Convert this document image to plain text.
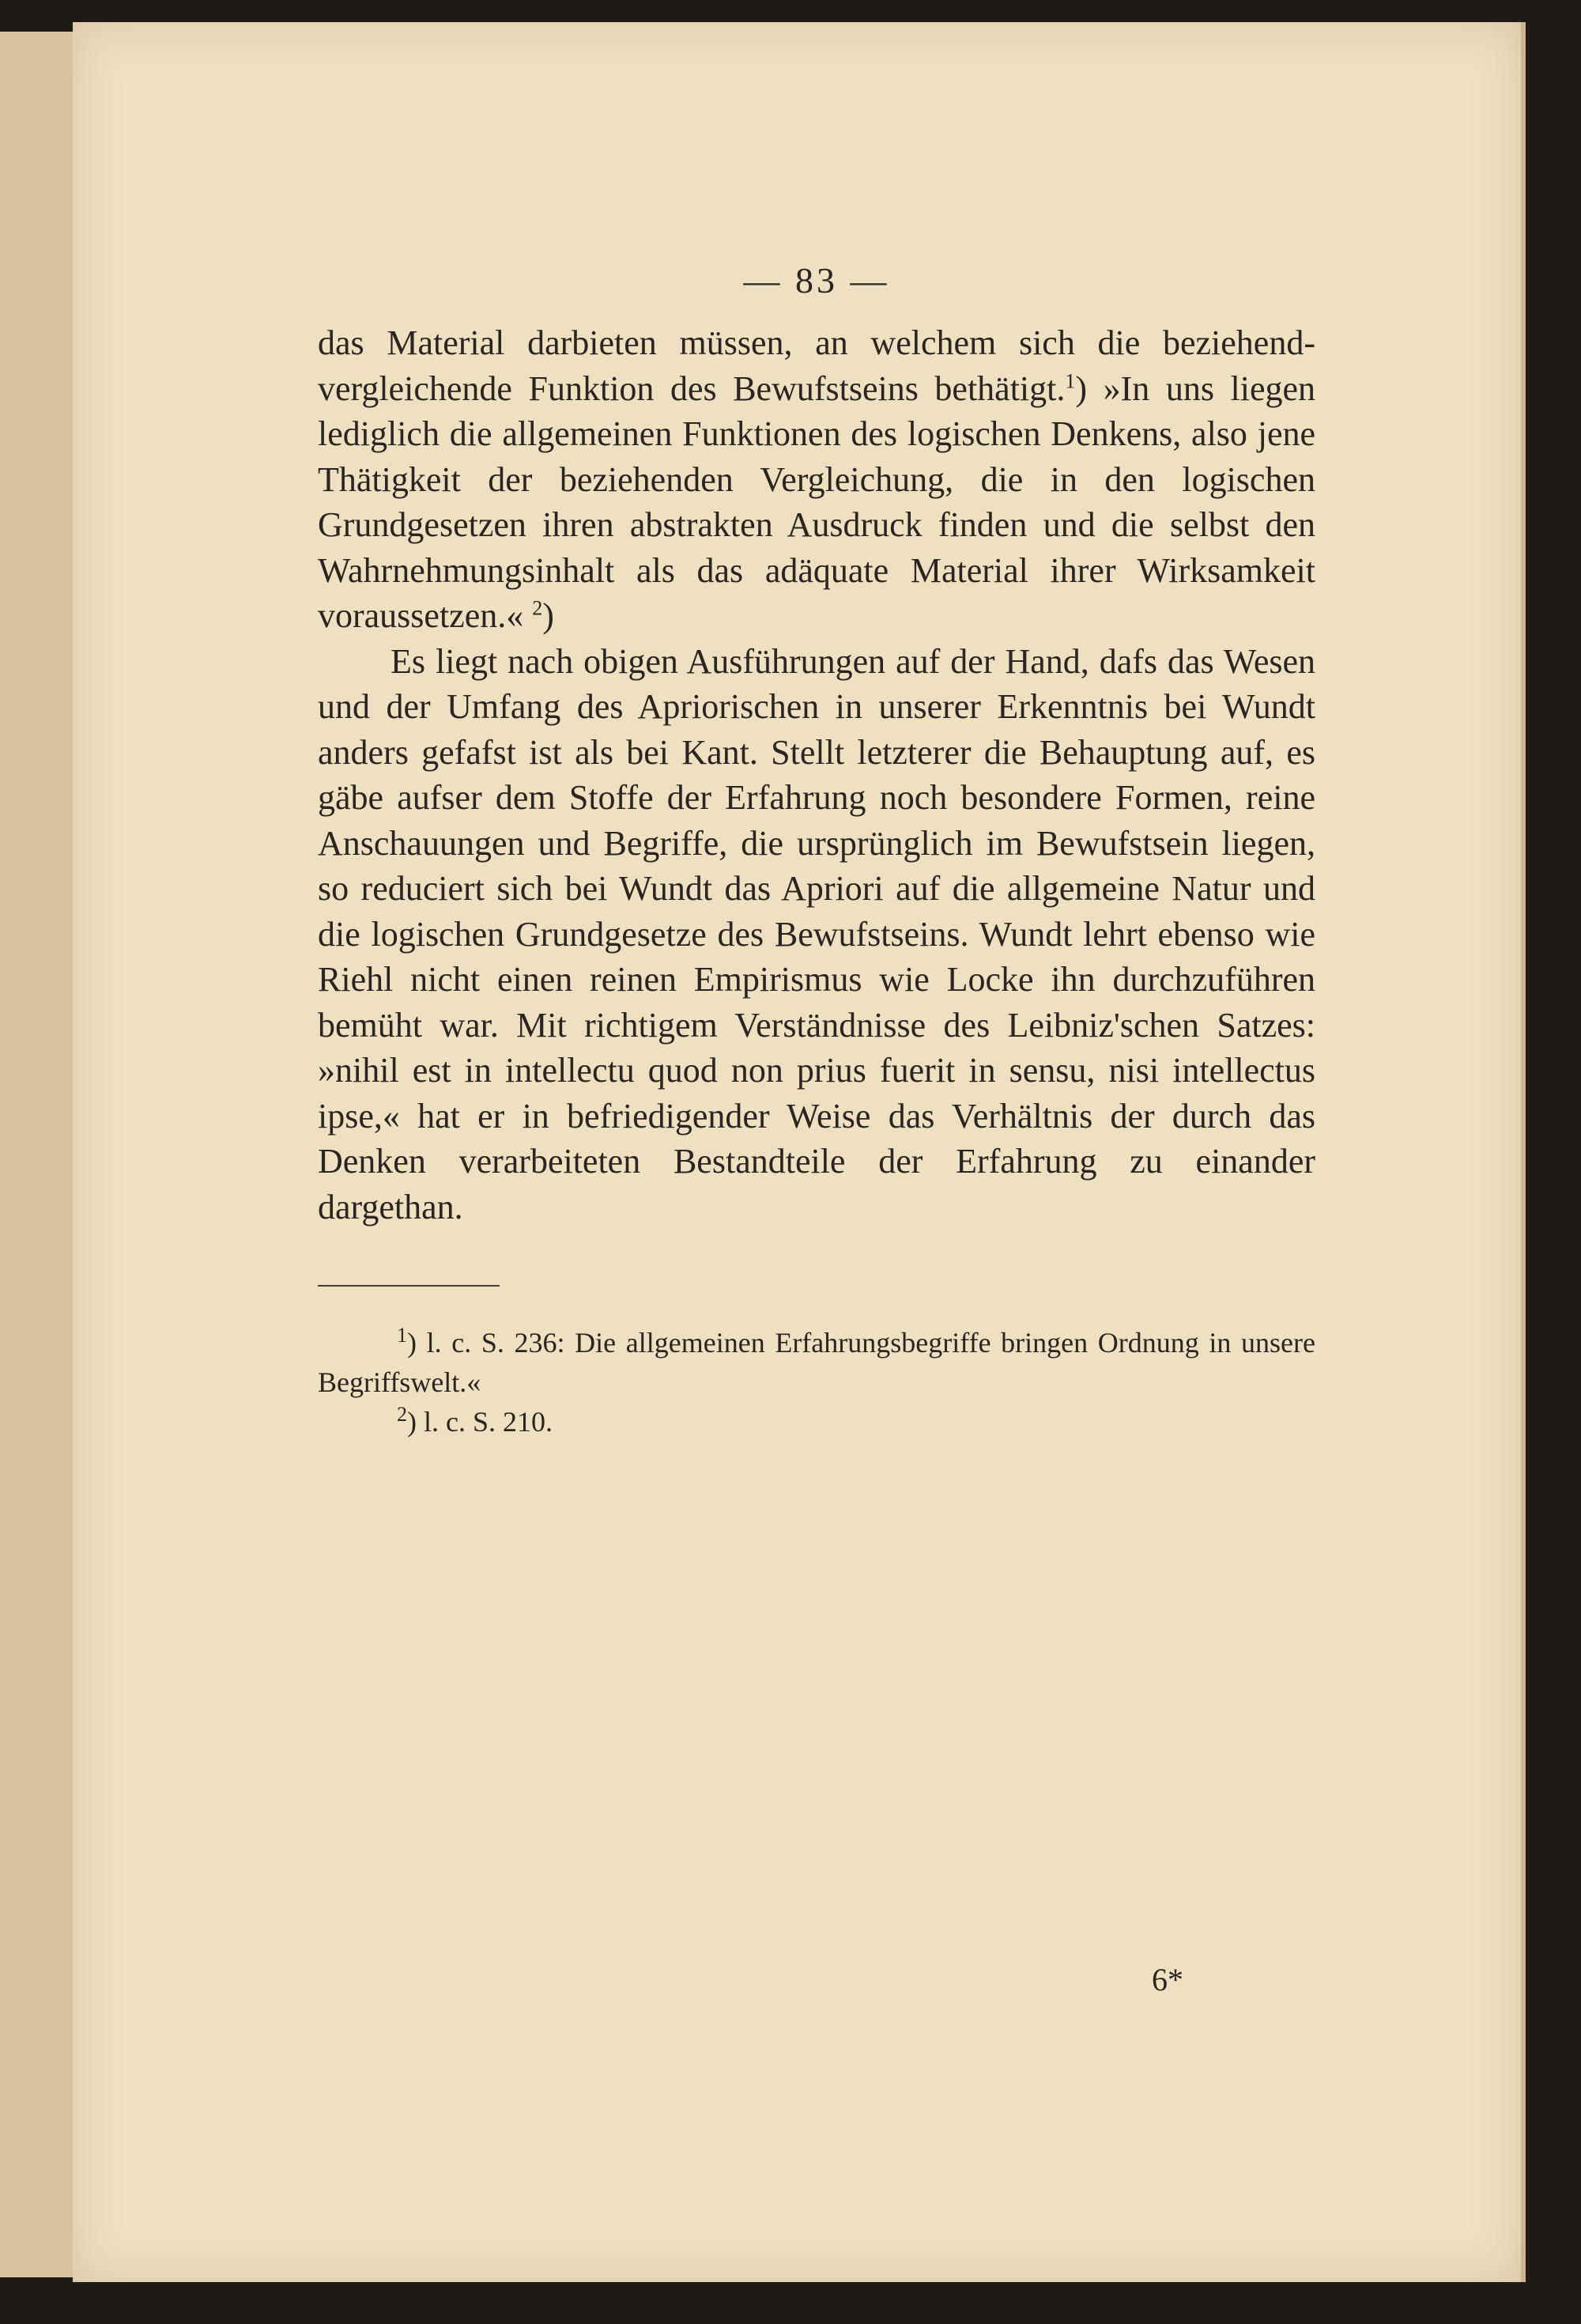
— 83 —

das Material darbieten müssen, an welchem sich die beziehend-vergleichende Funktion des Bewufstseins bethätigt.$^1$) »In uns liegen lediglich die allgemeinen Funktionen des logischen Denkens, also jene Thätigkeit der beziehenden Vergleichung, die in den logischen Grundgesetzen ihren abstrakten Ausdruck finden und die selbst den Wahrnehmungsinhalt als das adäquate Material ihrer Wirksamkeit voraussetzen.« $^2$)

Es liegt nach obigen Ausführungen auf der Hand, dafs das Wesen und der Umfang des Apriorischen in unserer Erkenntnis bei Wundt anders gefafst ist als bei Kant. Stellt letzterer die Behauptung auf, es gäbe aufser dem Stoffe der Erfahrung noch besondere Formen, reine Anschauungen und Begriffe, die ursprünglich im Bewufstsein liegen, so reduciert sich bei Wundt das Apriori auf die allgemeine Natur und die logischen Grundgesetze des Bewufstseins. Wundt lehrt ebenso wie Riehl nicht einen reinen Empirismus wie Locke ihn durchzuführen bemüht war. Mit richtigem Verständnisse des Leibniz'schen Satzes: »nihil est in intellectu quod non prius fuerit in sensu, nisi intellectus ipse,« hat er in befriedigender Weise das Verhältnis der durch das Denken verarbeiteten Bestandteile der Erfahrung zu einander dargethan.

$^1$) l. c. S. 236: Die allgemeinen Erfahrungsbegriffe bringen Ordnung in unsere Begriffswelt.«

$^2$) l. c. S. 210.

6*
